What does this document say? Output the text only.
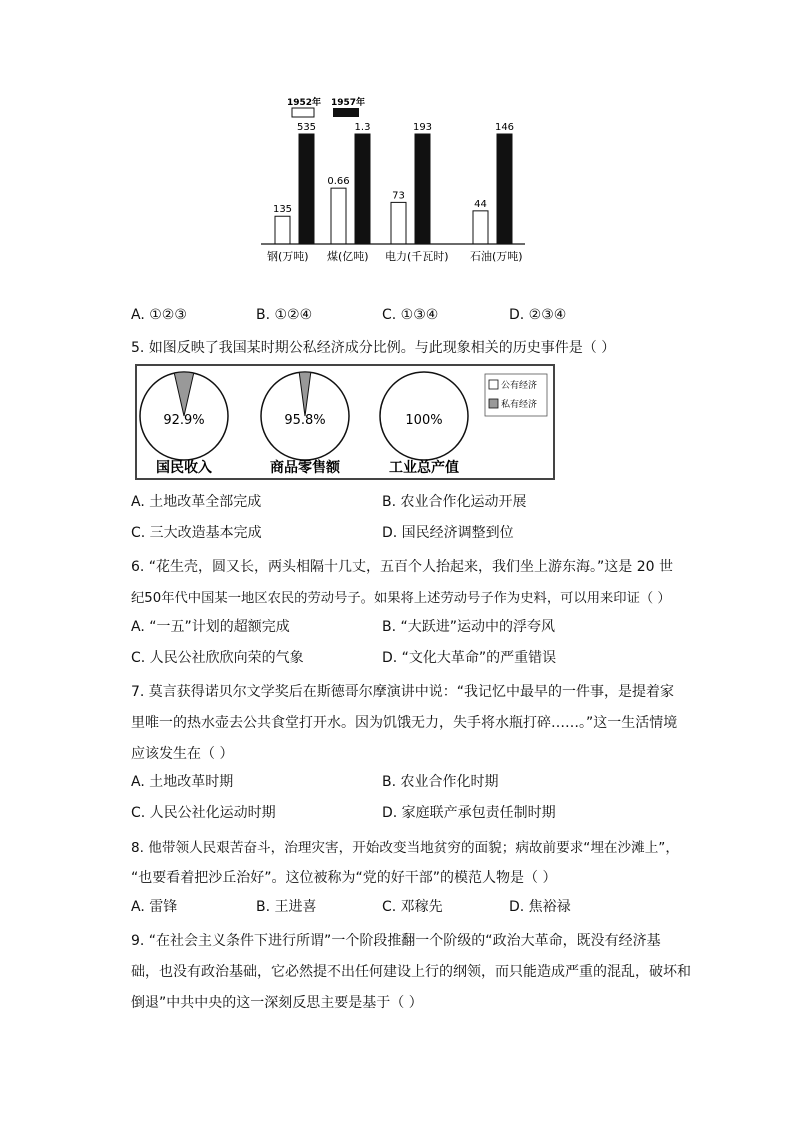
1952年 1957年
135
535
0.66
1.3
73
193
44
146
钢(万吨) 煤(亿吨) 电力(千瓦时) 石油(万吨)
A. ①②③	B. ①②④	C. ①③④	D. ②③④
5. 如图反映了我国某时期公私经济成分比例。与此现象相关的历史事件是（ ）
92.9%	95.8%	100%
国民收入	商品零售额	工业总产值
公有经济
私有经济
A. 土地改革全部完成	B. 农业合作化运动开展
C. 三大改造基本完成	D. 国民经济调整到位
6. “花生壳，圆又长，两头相隔十几丈，五百个人抬起来，我们坐上游东海。”这是 20 世
纪50年代中国某一地区农民的劳动号子。如果将上述劳动号子作为史料，可以用来印证（ ）
A. “一五”计划的超额完成	B. “大跃进”运动中的浮夸风
C. 人民公社欣欣向荣的气象	D. “文化大革命”的严重错误
7. 莫言获得诺贝尔文学奖后在斯德哥尔摩演讲中说：“我记忆中最早的一件事，是提着家
里唯一的热水壶去公共食堂打开水。因为饥饿无力，失手将水瓶打碎……。”这一生活情境
应该发生在（ ）
A. 土地改革时期	B. 农业合作化时期
C. 人民公社化运动时期	D. 家庭联产承包责任制时期
8. 他带领人民艰苦奋斗，治理灾害，开始改变当地贫穷的面貌；病故前要求“埋在沙滩上”，
“也要看着把沙丘治好”。这位被称为“党的好干部”的模范人物是（ ）
A. 雷锋	B. 王进喜	C. 邓稼先	D. 焦裕禄
9. “在社会主义条件下进行所谓”一个阶段推翻一个阶级的“政治大革命，既没有经济基
础，也没有政治基础，它必然提不出任何建设上行的纲领，而只能造成严重的混乱，破坏和
倒退”中共中央的这一深刻反思主要是基于（ ）
